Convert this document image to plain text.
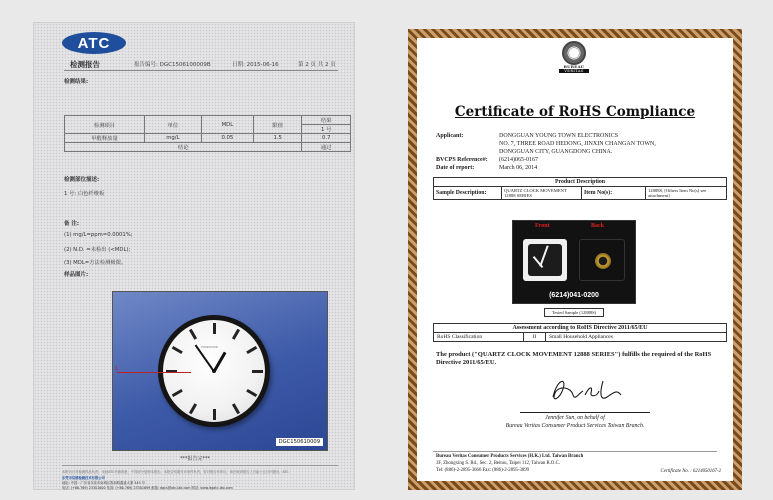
ATC
检测报告	报告编号: DGC1506100009B	日期: 2015-06-16	第 2 页 共 2 页
检测结果:
检测项目	单位	MDL	限值	结果
				1 号
甲醛释放量	mg/L	0.05	1.5	0.7
结论				通过
检测部位描述:
1 号: 白色纤维板
备 注:
(1) mg/L=ppm=0.0001%;
(2) N.D. =未检出 (<MDL);
(3) MDL=方法检测极限。
样品图片:
YOUNGTOWN
1
DGC150610009
***报告完***
本报告只对检测样品负责。未经ATC书面同意，不得部分复制本报告。本报告结果仅对来样负责。若对报告有异议，请在收到报告之日起十五日内提出。ATC
东莞市信德检测技术有限公司
地址: 中国 · 广东省东莞市南城区胜和路鑫盛大厦 345 号
电话: (+86-769) 23301600 传真: (+86-769) 23301699 邮箱: dgcs@atc-lab.com 网站: www.dgatc-lab.com
BUREAU
VERITAS
Certificate of RoHS Compliance
Applicant:	DONGGUAN YOUNG TOWN ELECTRONICS
NO. 7, THREE ROAD HEDONG, JINXIN CHANGAN TOWN,
DONGGUAN CITY, GUANGDONG CHINA.
BVCPS Reference#: (6214)065-0167
Date of report:	March 06, 2014
Product Description
Sample Description:	QUARTZ CLOCK MOVEMENT 12888 SERIES	Item No(s):	12888S, [Others Item No(s) see attachment]
Front	Back
(6214)041-0200
Tested Sample (12888S)
Assessment according to RoHS Directive 2011/65/EU
RoHS Classification	II	Small Household Appliances
The product ("QUARTZ CLOCK MOVEMENT 12888 SERIES") fulfills the required of the RoHS Directive 2011/65/EU.
Jennifer Sun, on behalf of
Bureau Veritas Consumer Product Services Taiwan Branch.
Bureau Veritas Consumer Products Services (H.K.) Ltd. Taiwan Branch
3F, Zhongxing S. Rd., Sec. 2, Beitou, Taipei 112, Taiwan R.O.C.
Tel: (886)-2-2895-3666 Fax: (886)-2-2895-3899	Certificate No. : 6214050167-2
